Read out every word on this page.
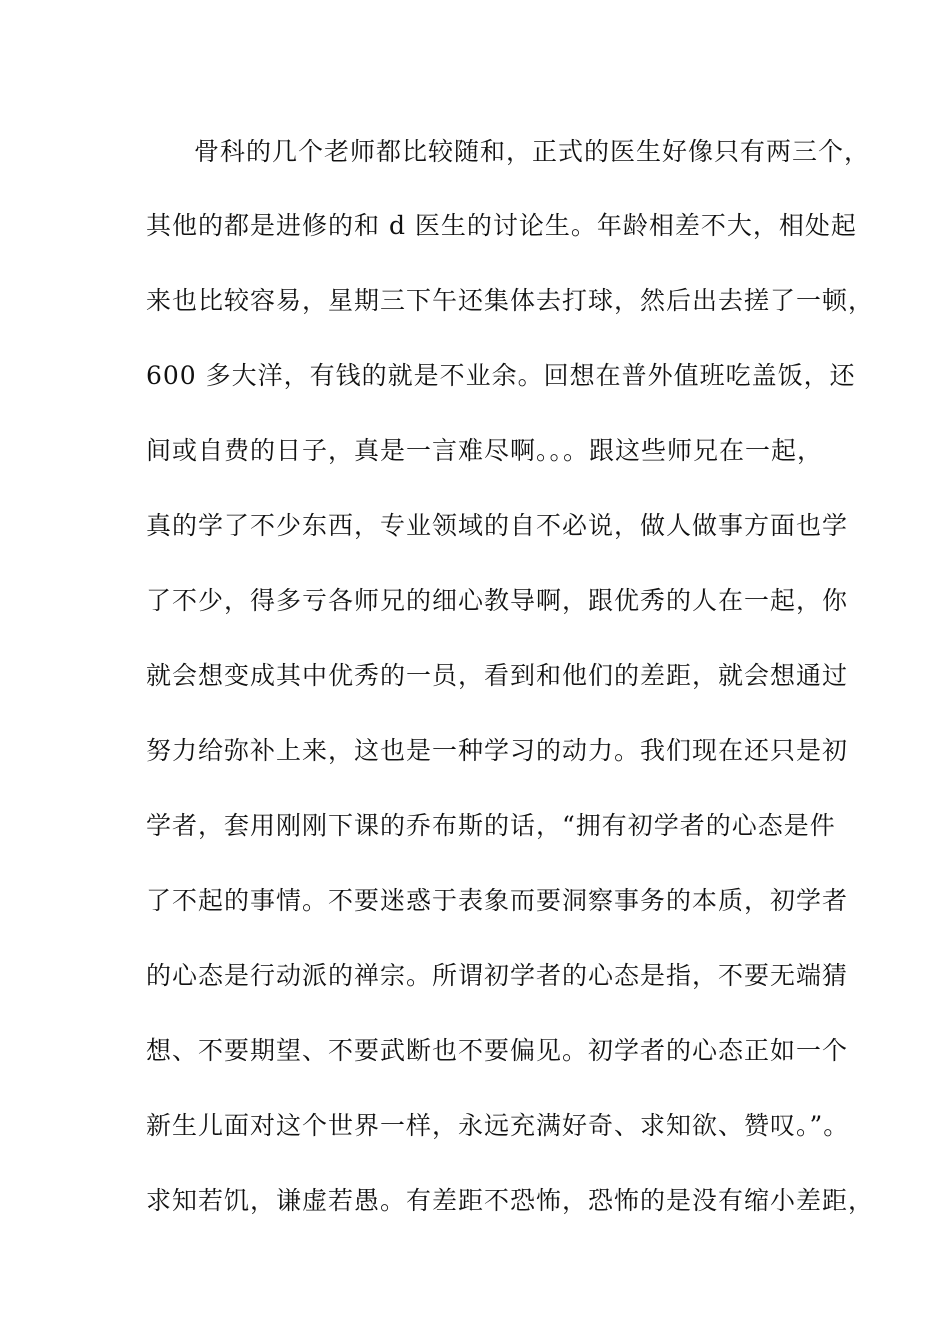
骨科的几个老师都比较随和，正式的医生好像只有两三个，
其他的都是进修的和 d 医生的讨论生。年龄相差不大，相处起
来也比较容易，星期三下午还集体去打球，然后出去搓了一顿，
600 多大洋，有钱的就是不业余。回想在普外值班吃盖饭，还
间或自费的日子，真是一言难尽啊。。。跟这些师兄在一起，
真的学了不少东西，专业领域的自不必说，做人做事方面也学
了不少，得多亏各师兄的细心教导啊，跟优秀的人在一起，你
就会想变成其中优秀的一员，看到和他们的差距，就会想通过
努力给弥补上来，这也是一种学习的动力。我们现在还只是初
学者，套用刚刚下课的乔布斯的话，“拥有初学者的心态是件
了不起的事情。不要迷惑于表象而要洞察事务的本质，初学者
的心态是行动派的禅宗。所谓初学者的心态是指，不要无端猜
想、不要期望、不要武断也不要偏见。初学者的心态正如一个
新生儿面对这个世界一样，永远充满好奇、求知欲、赞叹。”。
求知若饥，谦虚若愚。有差距不恐怖，恐怖的是没有缩小差距，
